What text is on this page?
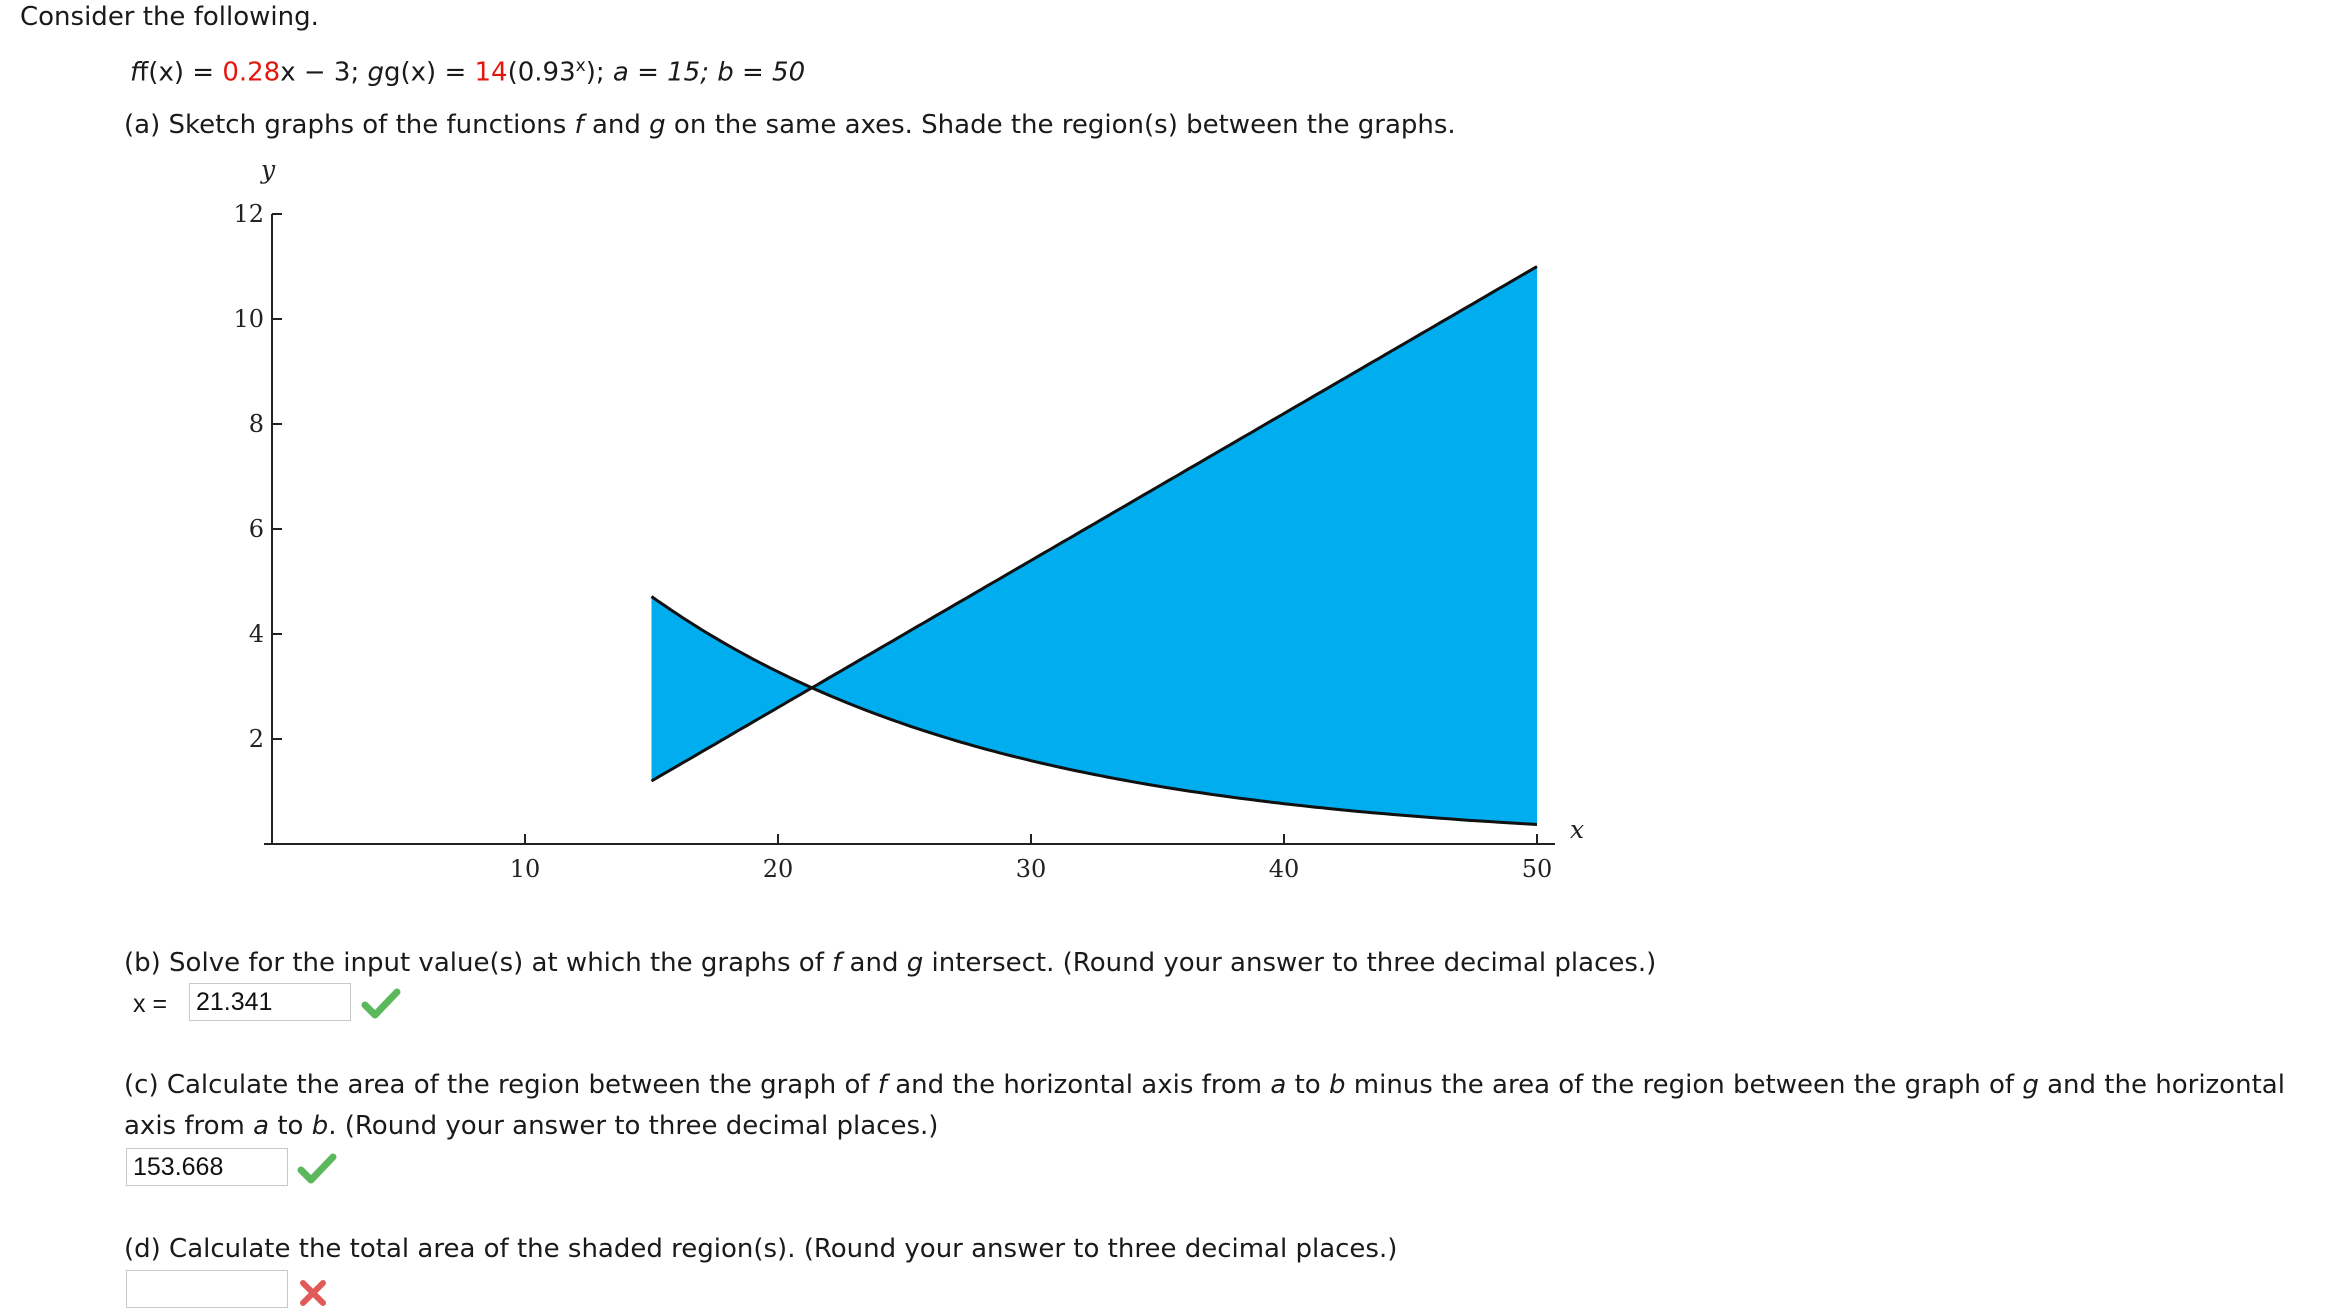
Consider the following.
ff(x) = 0.28x − 3; $gg(x) = 14(0.93^x)$; a = 15; b = 50
(a) Sketch graphs of the functions f and g on the same axes. Shade the region(s) between the graphs.
2
4
6
8
10
12
10	20	30	40	50
y
x
(b) Solve for the input value(s) at which the graphs of f and g intersect. (Round your answer to three decimal places.)
x = 21.341
(c) Calculate the area of the region between the graph of f and the horizontal axis from a to b minus the area of the region between the graph of g and the horizontal
axis from a to b. (Round your answer to three decimal places.)
153.668
(d) Calculate the total area of the shaded region(s). (Round your answer to three decimal places.)
